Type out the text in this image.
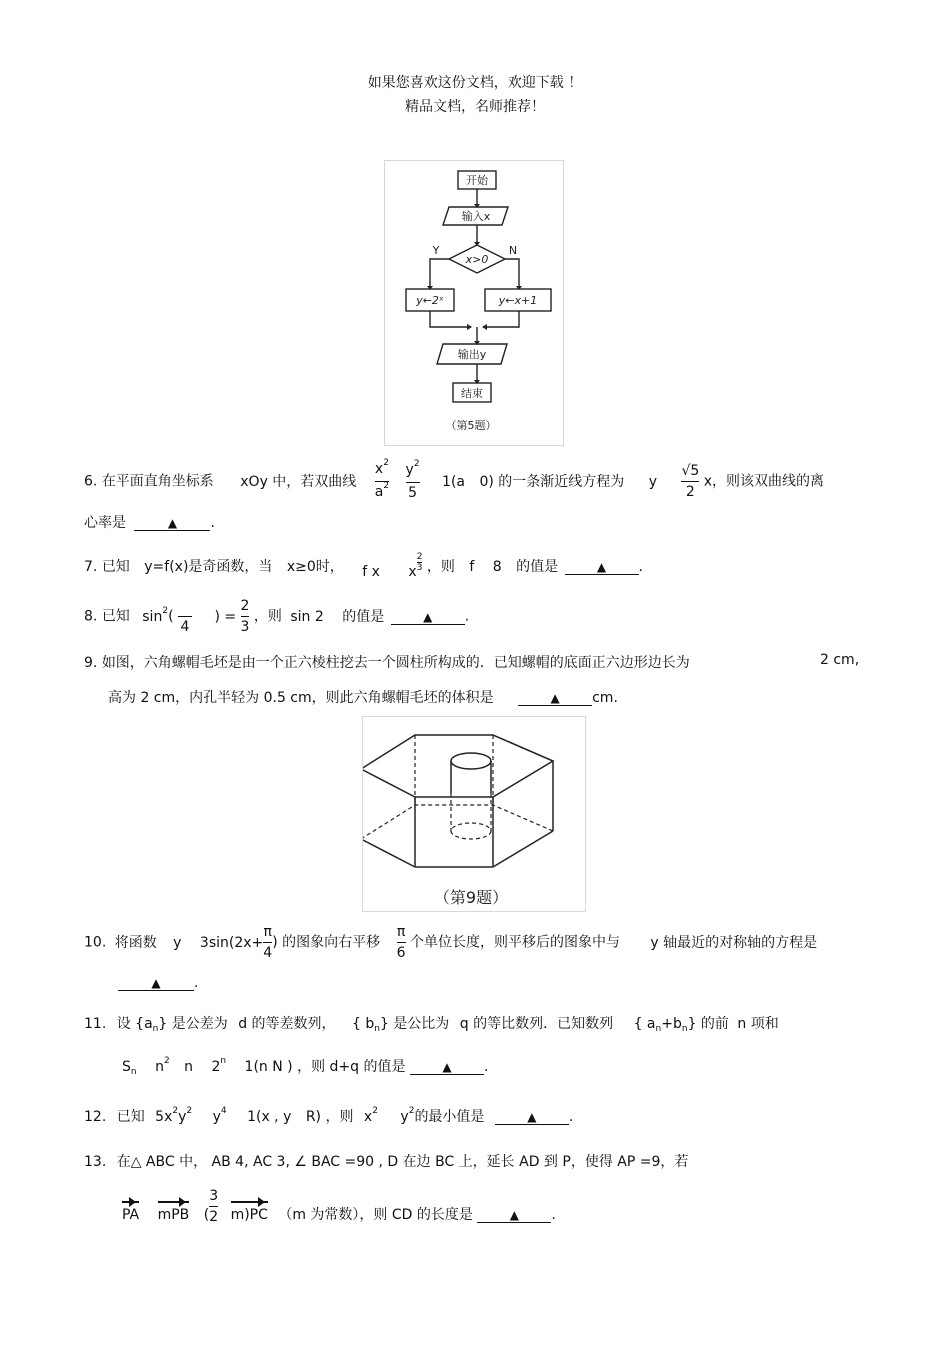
如果您喜欢这份文档，欢迎下载 ！
精品文档，名师推荐！
开始
输入x
x>0
Y	N
y←2ˣ	y←x+1
输出y
结束
（第5题）
6. 在平面直角坐标系 xOy 中，若双曲线 $\frac{x^2}{a^2}$
$\frac{y^2}{5} 1(a$ 0) 的一条渐近线方程为 y $\frac{√5}{2}$ x，则该双曲线的离
心率是	▲ .
7. 已知 y=f(x)是奇函数，当 x≥0时， f x x $\frac{2}{3}$ ，则 f 8 的值是	▲ .
8. 已知 $\sin^2$(

4
) = $\frac{2}{3}$ ，则 sin 2 的值是	▲ .
9. 如图，六角螺帽毛坯是由一个正六棱柱挖去一个圆柱所构成的．已知螺帽的底面正六边形边长为	2 cm,
高为 2 cm，内孔半轻为 0.5 cm，则此六角螺帽毛坯的体积是	▲ cm.
（第9题）
10. 将函数 y $3\sin(2x+ \frac{\pi}{4}$ ) 的图象向右平移 $\frac{\pi}{6}$ 个单位长度，则平移后的图象中与 y 轴最近的对称轴的方程是
▲ .
11. 设 $\{a_n\}$ 是公差为 d 的等差数列， { $b_n$} 是公比为 q 的等比数列．已知数列 { $a_n+b_n$} 的前 n 项和
$S_n$ $n^2$ n 2$^n$ 1(n N ) ，则 d+q 的值是	▲ .
12. 已知 $5x^2y^2$ $y^4$ 1(x , y R) ，则 $x^2$ $y^2$的最小值是	▲ .
13. 在△ ABC 中， AB 4, AC 3, ∠ BAC =90 , D 在边 BC 上，延长 AD 到 P，使得 AP =9，若
PA mPB ( $\frac{3}{2} m)PC$ （m 为常数），则 CD 的长度是	▲ .
